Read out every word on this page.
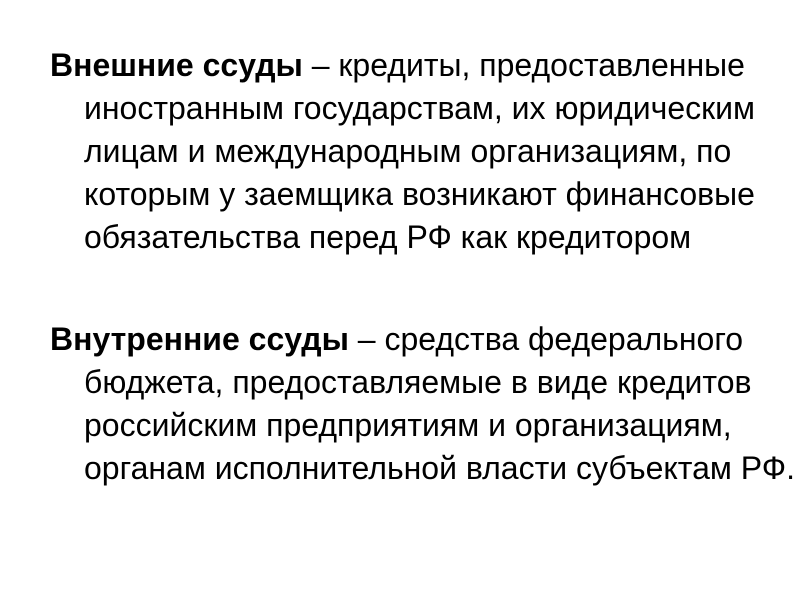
Внешние ссуды – кредиты, предоставленные иностранным государствам, их юридическим лицам и международным организациям, по которым у заемщика возникают финансовые обязательства перед РФ как кредитором

Внутренние ссуды – средства федерального бюджета, предоставляемые в виде кредитов российским предприятиям и организациям, органам исполнительной власти субъектам РФ.
